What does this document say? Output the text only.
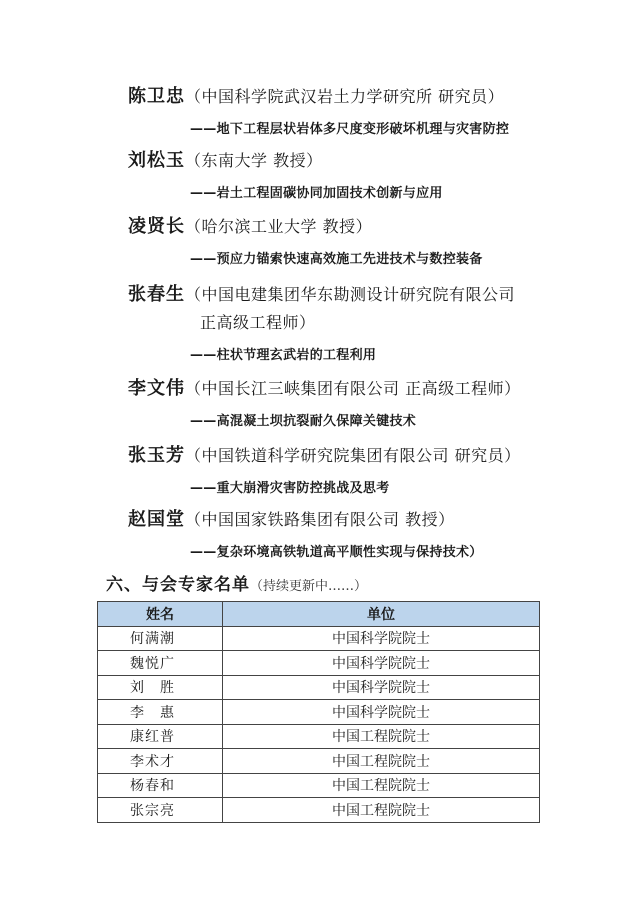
陈卫忠（中国科学院武汉岩土力学研究所 研究员）
——地下工程层状岩体多尺度变形破坏机理与灾害防控
刘松玉（东南大学 教授）
——岩土工程固碳协同加固技术创新与应用
凌贤长（哈尔滨工业大学 教授）
——预应力锚索快速高效施工先进技术与数控装备
张春生（中国电建集团华东勘测设计研究院有限公司
正高级工程师）
——柱状节理玄武岩的工程利用
李文伟（中国长江三峡集团有限公司 正高级工程师）
——高混凝土坝抗裂耐久保障关键技术
张玉芳（中国铁道科学研究院集团有限公司 研究员）
——重大崩滑灾害防控挑战及思考
赵国堂（中国国家铁路集团有限公司 教授）
——复杂环境高铁轨道高平顺性实现与保持技术）
六、与会专家名单（持续更新中……）
姓名	单位
何满潮	中国科学院院士
魏悦广	中国科学院院士
刘　胜	中国科学院院士
李　惠	中国科学院院士
康红普	中国工程院院士
李术才	中国工程院院士
杨春和	中国工程院院士
张宗亮	中国工程院院士
